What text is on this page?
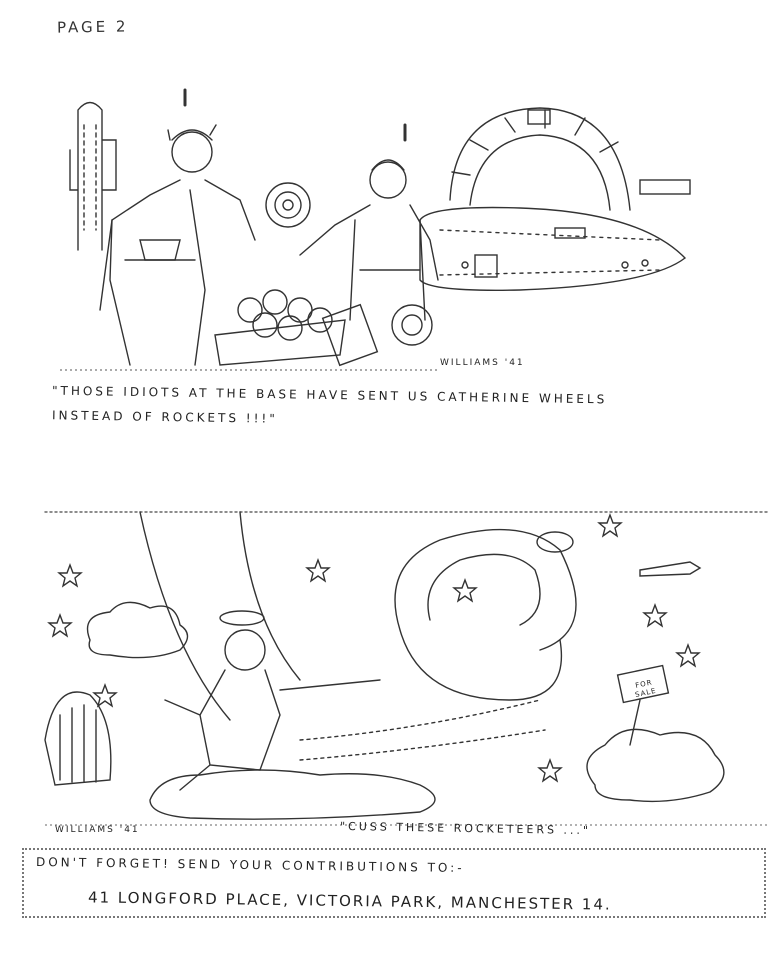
PAGE 2
WILLIAMS '41
"THOSE IDIOTS AT THE BASE HAVE SENT US CATHERINE WHEELS
INSTEAD OF ROCKETS !!!"
FOR SALE
WILLIAMS '41	"CUSS THESE ROCKETEERS ..."
DON'T FORGET! SEND YOUR CONTRIBUTIONS TO:-
41 LONGFORD PLACE, VICTORIA PARK, MANCHESTER 14.
